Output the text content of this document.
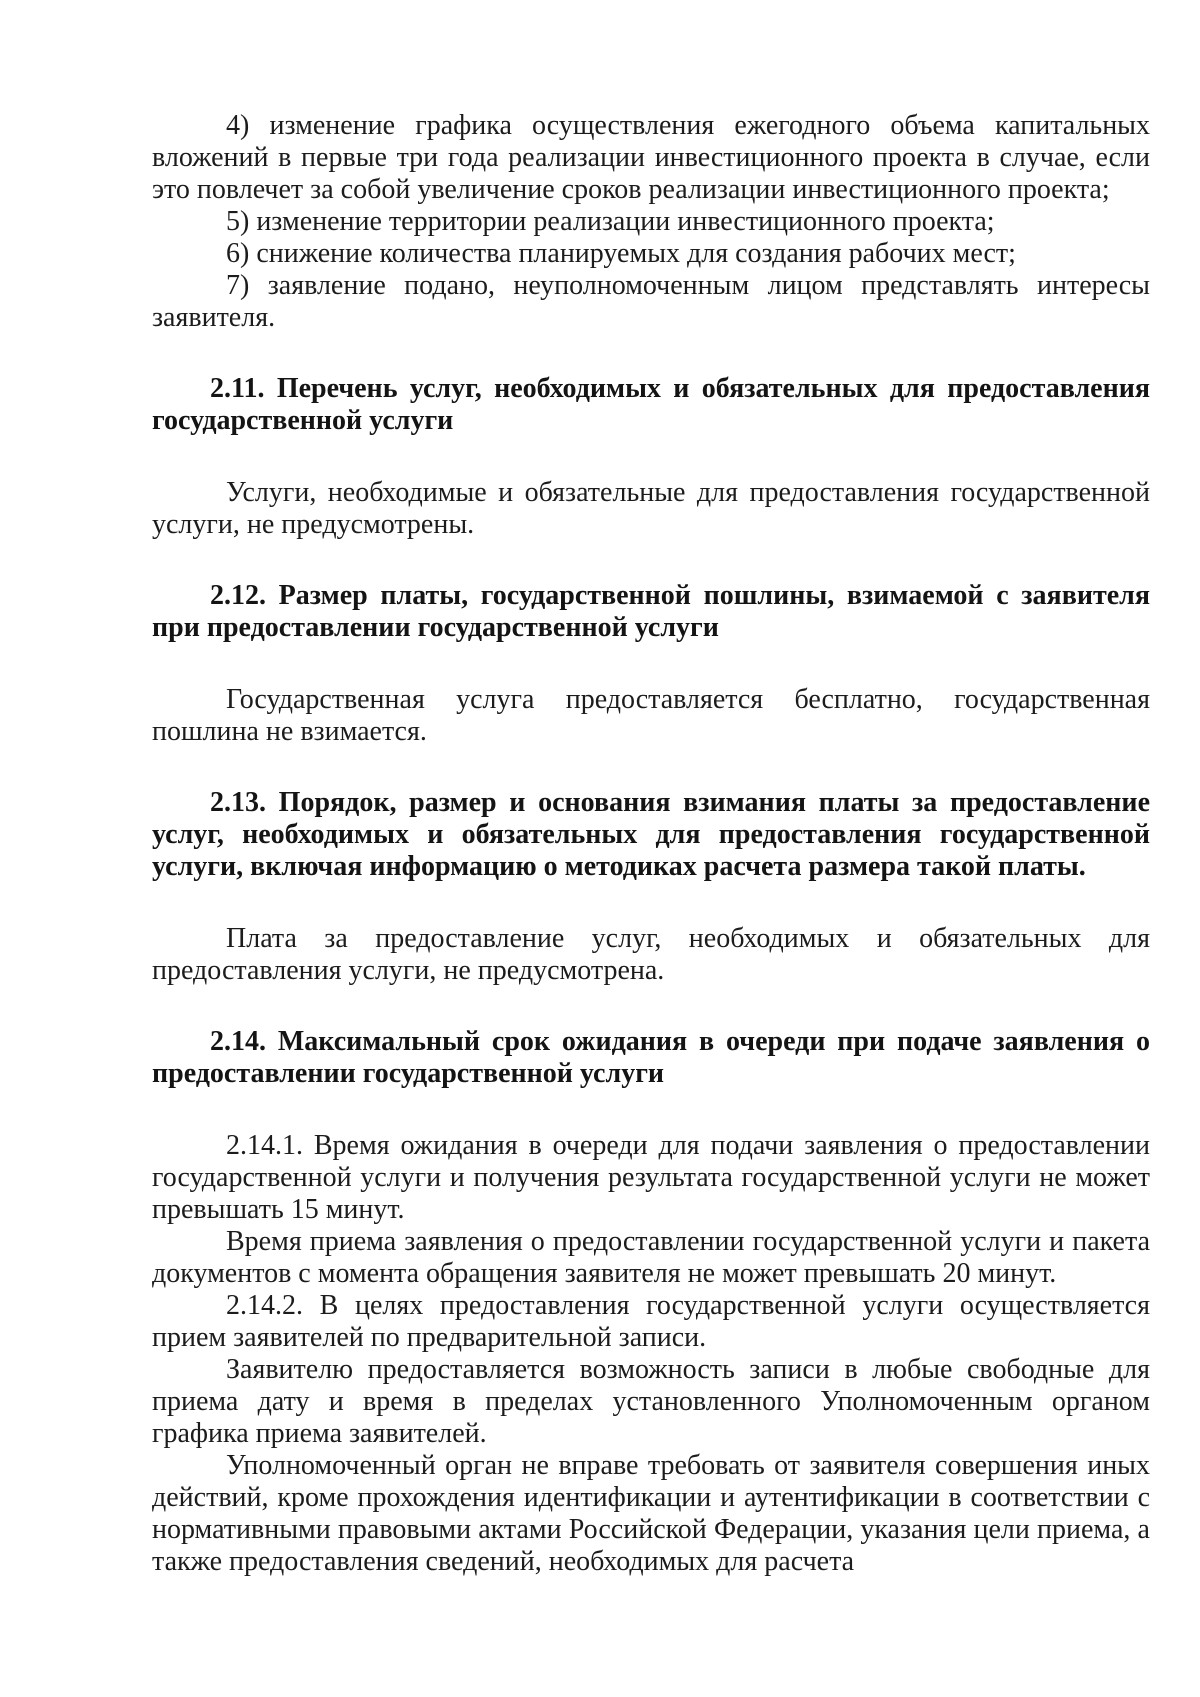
4) изменение графика осуществления ежегодного объема капитальных вложений в первые три года реализации инвестиционного проекта в случае, если это повлечет за собой увеличение сроков реализации инвестиционного проекта;

5) изменение территории реализации инвестиционного проекта;

6) снижение количества планируемых для создания рабочих мест;

7) заявление подано, неуполномоченным лицом представлять интересы заявителя.

2.11. Перечень услуг, необходимых и обязательных для предоставления государственной услуги

Услуги, необходимые и обязательные для предоставления государственной услуги, не предусмотрены.

2.12. Размер платы, государственной пошлины, взимаемой с заявителя при предоставлении государственной услуги

Государственная услуга предоставляется бесплатно, государственная пошлина не взимается.

2.13. Порядок, размер и основания взимания платы за предоставление услуг, необходимых и обязательных для предоставления государственной услуги, включая информацию о методиках расчета размера такой платы.

Плата за предоставление услуг, необходимых и обязательных для предоставления услуги, не предусмотрена.

2.14. Максимальный срок ожидания в очереди при подаче заявления о предоставлении государственной услуги

2.14.1. Время ожидания в очереди для подачи заявления о предоставлении государственной услуги и получения результата государственной услуги не может превышать 15 минут.

Время приема заявления о предоставлении государственной услуги и пакета документов с момента обращения заявителя не может превышать 20 минут.

2.14.2. В целях предоставления государственной услуги осуществляется прием заявителей по предварительной записи.

Заявителю предоставляется возможность записи в любые свободные для приема дату и время в пределах установленного Уполномоченным органом графика приема заявителей.

Уполномоченный орган не вправе требовать от заявителя совершения иных действий, кроме прохождения идентификации и аутентификации в соответствии с нормативными правовыми актами Российской Федерации, указания цели приема, а также предоставления сведений, необходимых для расчета
